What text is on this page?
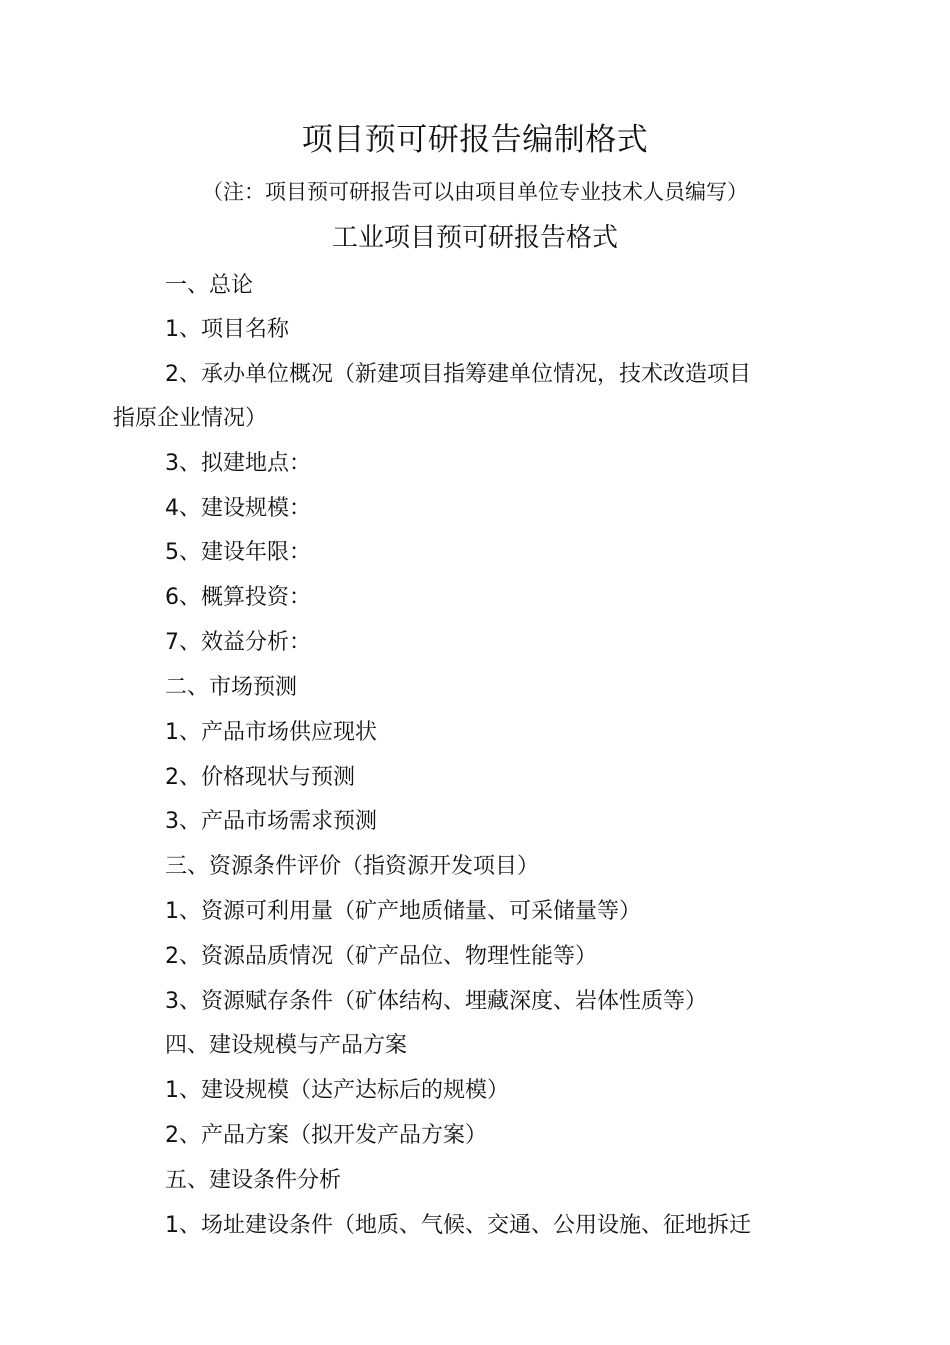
项目预可研报告编制格式
（注：项目预可研报告可以由项目单位专业技术人员编写）
工业项目预可研报告格式
一、总论
1、项目名称
2、承办单位概况（新建项目指筹建单位情况，技术改造项目
指原企业情况）
3、拟建地点：
4、建设规模：
5、建设年限：
6、概算投资：
7、效益分析：
二、市场预测
1、产品市场供应现状
2、价格现状与预测
3、产品市场需求预测
三、资源条件评价（指资源开发项目）
1、资源可利用量（矿产地质储量、可采储量等）
2、资源品质情况（矿产品位、物理性能等）
3、资源赋存条件（矿体结构、埋藏深度、岩体性质等）
四、建设规模与产品方案
1、建设规模（达产达标后的规模）
2、产品方案（拟开发产品方案）
五、建设条件分析
1、场址建设条件（地质、气候、交通、公用设施、征地拆迁
